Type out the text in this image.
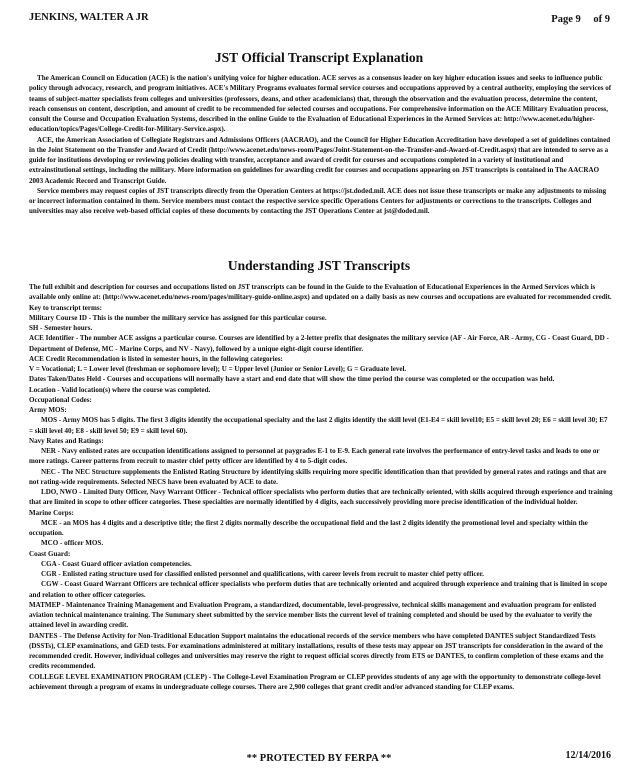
JENKINS, WALTER A JR	Page 9 of 9
JST Official Transcript Explanation

The American Council on Education (ACE) is the nation's unifying voice for higher education. ACE serves as a consensus leader on key higher education issues and seeks to influence public policy through advocacy, research, and program initiatives. ACE's Military Programs evaluates formal service courses and occupations approved by a central authority, employing the services of teams of subject-matter specialists from colleges and universities (professors, deans, and other academicians) that, through the observation and the evaluation process, determine the content, reach consensus on content, description, and amount of credit to be recommended for selected courses and occupations. For comprehensive information on the ACE Military Evaluation process, consult the Course and Occupation Evaluation Systems, described in the online Guide to the Evaluation of Educational Experiences in the Armed Services at: http://www.acenet.edu/higher-education/topics/Pages/College-Credit-for-Military-Service.aspx).

ACE, the American Association of Collegiate Registrars and Admissions Officers (AACRAO), and the Council for Higher Education Accreditation have developed a set of guidelines contained in the Joint Statement on the Transfer and Award of Credit (http://www.acenet.edu/news-room/Pages/Joint-Statement-on-the-Transfer-and-Award-of-Credit.aspx) that are intended to serve as a guide for institutions developing or reviewing policies dealing with transfer, acceptance and award of credit for courses and occupations completed in a variety of institutional and extrainstitutional settings, including the military. More information on guidelines for awarding credit for courses and occupations appearing on JST transcripts is contained in The AACRAO 2003 Academic Record and Transcript Guide.

Service members may request copies of JST transcripts directly from the Operation Centers at https://jst.doded.mil. ACE does not issue these transcripts or make any adjustments to missing or incorrect information contained in them. Service members must contact the respective service specific Operations Centers for adjustments or corrections to the transcripts. Colleges and universities may also receive web-based official copies of these documents by contacting the JST Operations Center at jst@doded.mil.

Understanding JST Transcripts

The full exhibit and description for courses and occupations listed on JST transcripts can be found in the Guide to the Evaluation of Educational Experiences in the Armed Services which is available only online at: (http://www.acenet.edu/news-room/pages/military-guide-online.aspx) and updated on a daily basis as new courses and occupations are evaluated for recommended credit.

Key to transcript terms:

Military Course ID - This is the number the military service has assigned for this particular course.

SH - Semester hours.

ACE Identifier - The number ACE assigns a particular course. Courses are identified by a 2-letter prefix that designates the military service (AF - Air Force, AR - Army, CG - Coast Guard, DD - Department of Defense, MC - Marine Corps, and NV - Navy), followed by a unique eight-digit course identifier.

ACE Credit Recommendation is listed in semester hours, in the following categories:

V = Vocational; L = Lower level (freshman or sophomore level); U = Upper level (Junior or Senior Level); G = Graduate level.

Dates Taken/Dates Held - Courses and occupations will normally have a start and end date that will show the time period the course was completed or the occupation was held.

Location - Valid location(s) where the course was completed.

Occupational Codes:

Army MOS:

MOS - Army MOS has 5 digits. The first 3 digits identify the occupational specialty and the last 2 digits identify the skill level (E1-E4 = skill level10; E5 = skill level 20; E6 = skill level 30; E7 = skill level 40; E8 - skill level 50; E9 = skill level 60).

Navy Rates and Ratings:

NER - Navy enlisted rates are occupation identifications assigned to personnel at paygrades E-1 to E-9. Each general rate involves the performance of entry-level tasks and leads to one or more ratings. Career patterns from recruit to master chief petty officer are identified by 4 to 5-digit codes.

NEC - The NEC Structure supplements the Enlisted Rating Structure by identifying skills requiring more specific identification than that provided by general rates and ratings and that are not rating-wide requirements. Selected NECS have been evaluated by ACE to date.

LDO, NWO - Limited Duty Officer, Navy Warrant Officer - Technical officer specialists who perform duties that are technically oriented, with skills acquired through experience and training that are limited in scope to other officer categories. These specialties are normally identified by 4 digits, each successively providing more precise identification of the individual holder.

Marine Corps:

MCE - an MOS has 4 digits and a descriptive title; the first 2 digits normally describe the occupational field and the last 2 digits identify the promotional level and specialty within the occupation.

MCO - officer MOS.

Coast Guard:

CGA - Coast Guard officer aviation competencies.

CGR - Enlisted rating structure used for classified enlisted personnel and qualifications, with career levels from recruit to master chief petty officer.

CGW - Coast Guard Warrant Officers are technical officer specialists who perform duties that are technically oriented and acquired through experience and training that is limited in scope and relation to other officer categories.

MATMEP - Maintenance Training Management and Evaluation Program, a standardized, documentable, level-progressive, technical skills management and evaluation program for enlisted aviation technical maintenance training. The Summary sheet submitted by the service member lists the current level of training completed and should be used by the evaluator to verify the attained level in awarding credit.

DANTES - The Defense Activity for Non-Traditional Education Support maintains the educational records of the service members who have completed DANTES subject Standardized Tests (DSSTs), CLEP examinations, and GED tests. For examinations administered at military installations, results of these tests may appear on JST transcripts for consideration in the award of the recommended credit. However, individual colleges and universities may reserve the right to request official scores directly from ETS or DANTES, to confirm completion of these exams and the credits recommended.

COLLEGE LEVEL EXAMINATION PROGRAM (CLEP) - The College-Level Examination Program or CLEP provides students of any age with the opportunity to demonstrate college-level achievement through a program of exams in undergraduate college courses. There are 2,900 colleges that grant credit and/or advanced standing for CLEP exams.

** PROTECTED BY FERPA **	12/14/2016
